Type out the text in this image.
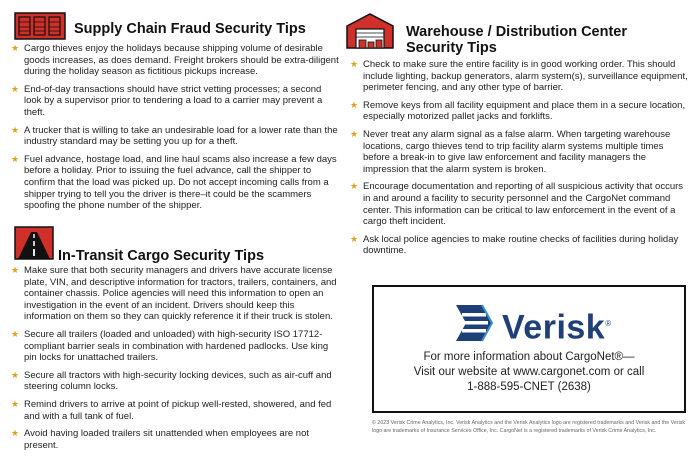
Supply Chain Fraud Security Tips
★ Cargo thieves enjoy the holidays because shipping volume of desirable goods increases, as does demand. Freight brokers should be extra-diligent during the holiday season as fictitious pickups increase.
★ End-of-day transactions should have strict vetting processes; a second look by a supervisor prior to tendering a load to a carrier may prevent a theft.
★ A trucker that is willing to take an undesirable load for a lower rate than the industry standard may be setting you up for a theft.
★ Fuel advance, hostage load, and line haul scams also increase a few days before a holiday. Prior to issuing the fuel advance, call the shipper to confirm that the load was picked up. Do not accept incoming calls from a shipper trying to tell you the driver is there–it could be the scammers spoofing the phone number of the shipper.
In-Transit Cargo Security Tips
★ Make sure that both security managers and drivers have accurate license plate, VIN, and descriptive information for tractors, trailers, containers, and container chassis. Police agencies will need this information to open an investigation in the event of an incident. Drivers should keep this information on them so they can quickly reference it if their truck is stolen.
★ Secure all trailers (loaded and unloaded) with high-security ISO 17712-compliant barrier seals in combination with hardened padlocks. Use king pin locks for unattached trailers.
★ Secure all tractors with high-security locking devices, such as air-cuff and steering column locks.
★ Remind drivers to arrive at point of pickup well-rested, showered, and fed and with a full tank of fuel.
★ Avoid having loaded trailers sit unattended when employees are not present.
Warehouse / Distribution Center
Security Tips
★ Check to make sure the entire facility is in good working order. This should include lighting, backup generators, alarm system(s), surveillance equipment, perimeter fencing, and any other type of barrier.
★ Remove keys from all facility equipment and place them in a secure location, especially motorized pallet jacks and forklifts.
★ Never treat any alarm signal as a false alarm. When targeting warehouse locations, cargo thieves tend to trip facility alarm systems multiple times before a break-in to give law enforcement and facility managers the impression that the alarm system is broken.
★ Encourage documentation and reporting of all suspicious activity that occurs in and around a facility to security personnel and the CargoNet command center. This information can be critical to law enforcement in the event of a cargo theft incident.
★ Ask local police agencies to make routine checks of facilities during holiday downtime.
Verisk®
For more information about CargoNet®—
Visit our website at www.cargonet.com or call
1-888-595-CNET (2638)
© 2023 Verisk Crime Analytics, Inc. Verisk Analytics and the Verisk Analytics logo are registered trademarks and Verisk and the Verisk logo are trademarks of Insurance Services Office, Inc. CargoNet is a registered trademarks of Verisk Crime Analytics, Inc.
